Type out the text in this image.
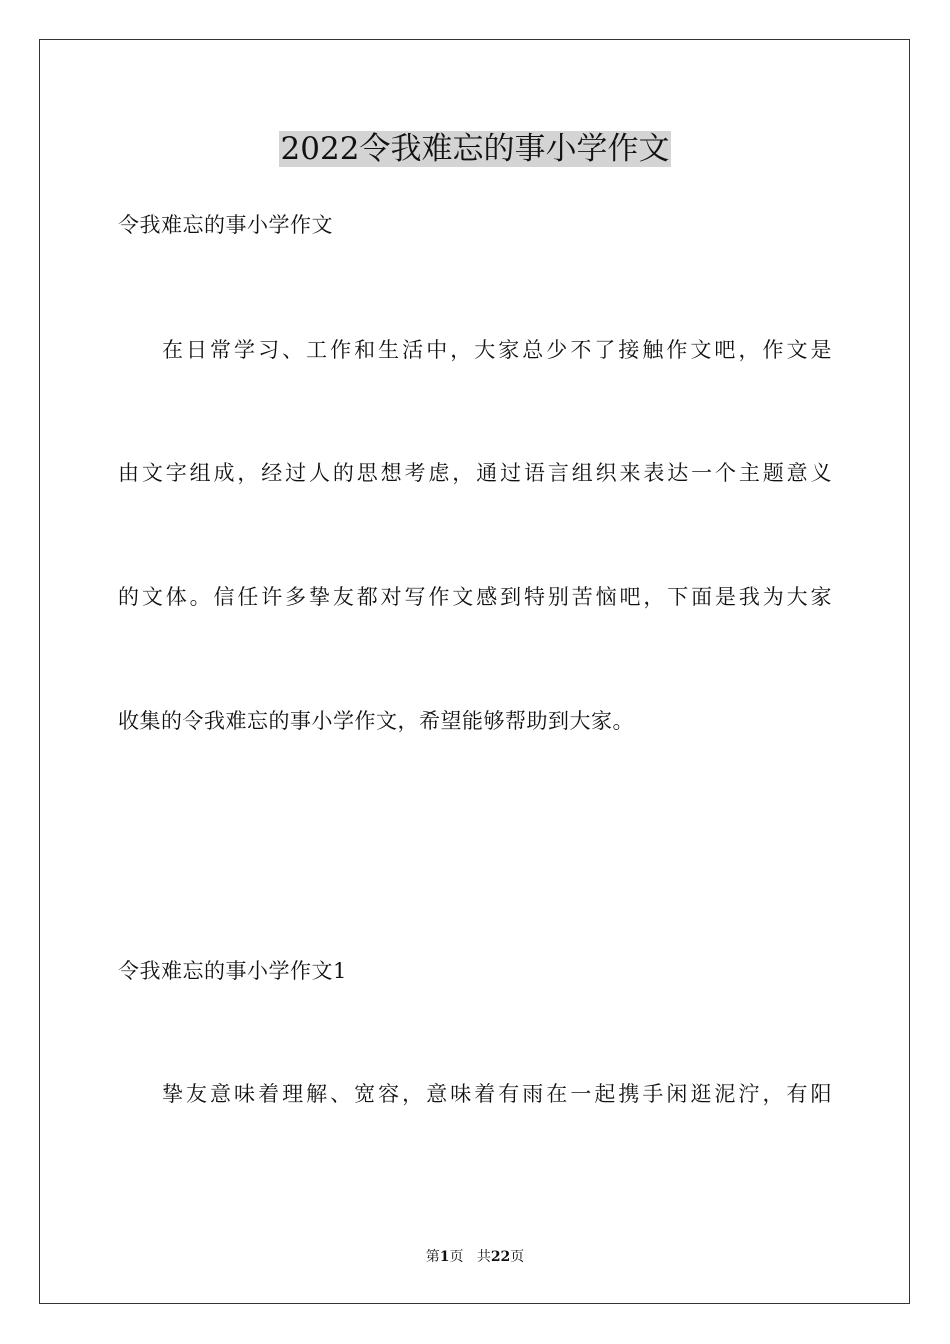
2022令我难忘的事小学作文
令我难忘的事小学作文
在日常学习、工作和生活中，大家总少不了接触作文吧，作文是
由文字组成，经过人的思想考虑，通过语言组织来表达一个主题意义
的文体。信任许多挚友都对写作文感到特别苦恼吧，下面是我为大家
收集的令我难忘的事小学作文，希望能够帮助到大家。
令我难忘的事小学作文1
挚友意味着理解、宽容，意味着有雨在一起携手闲逛泥泞，有阳
第1页 共22页
